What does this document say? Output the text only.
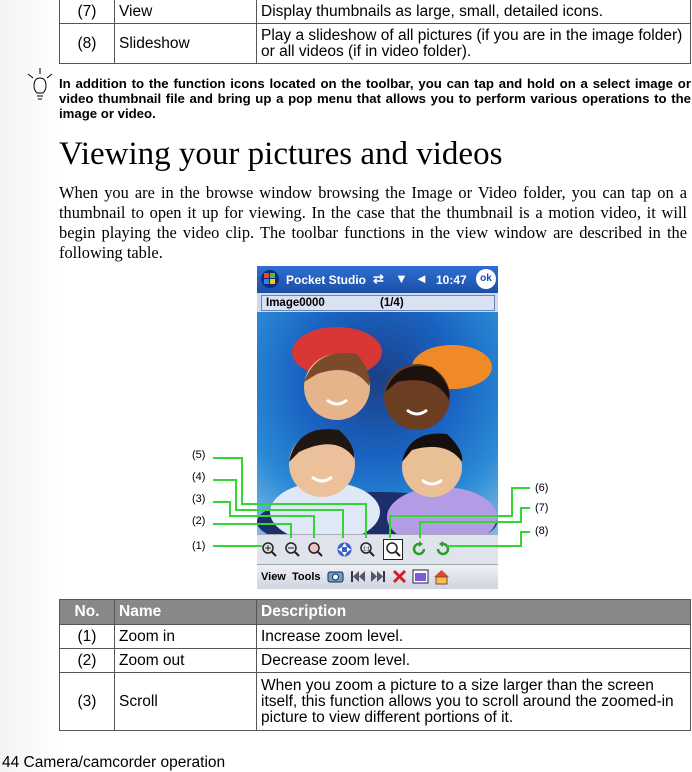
(7)	View	Display thumbnails as large, small, detailed icons.
(8)	Slideshow	Play a slideshow of all pictures (if you are in the image folder) or all videos (if in video folder).
In addition to the function icons located on the toolbar, you can tap and hold on a select image or video thumbnail file and bring up a pop menu that allows you to perform various operations to the image or video.
Viewing your pictures and videos
When you are in the browse window browsing the Image or Video folder, you can tap on a thumbnail to open it up for viewing. In the case that the thumbnail is a motion video, it will begin playing the video clip. The toolbar functions in the view window are described in the following table.
Pocket Studio ⇄ ▼ ◄ 10:47	ok
Image0000	(1/4)
1:1
View Tools
(1)
(2)
(3)
(4)
(5)
(6)
(7)
(8)
No.	Name	Description
(1)	Zoom in	Increase zoom level.
(2)	Zoom out	Decrease zoom level.
(3)	Scroll	When you zoom a picture to a size larger than the screen itself, this function allows you to scroll around the zoomed-in picture to view different portions of it.
44 Camera/camcorder operation
